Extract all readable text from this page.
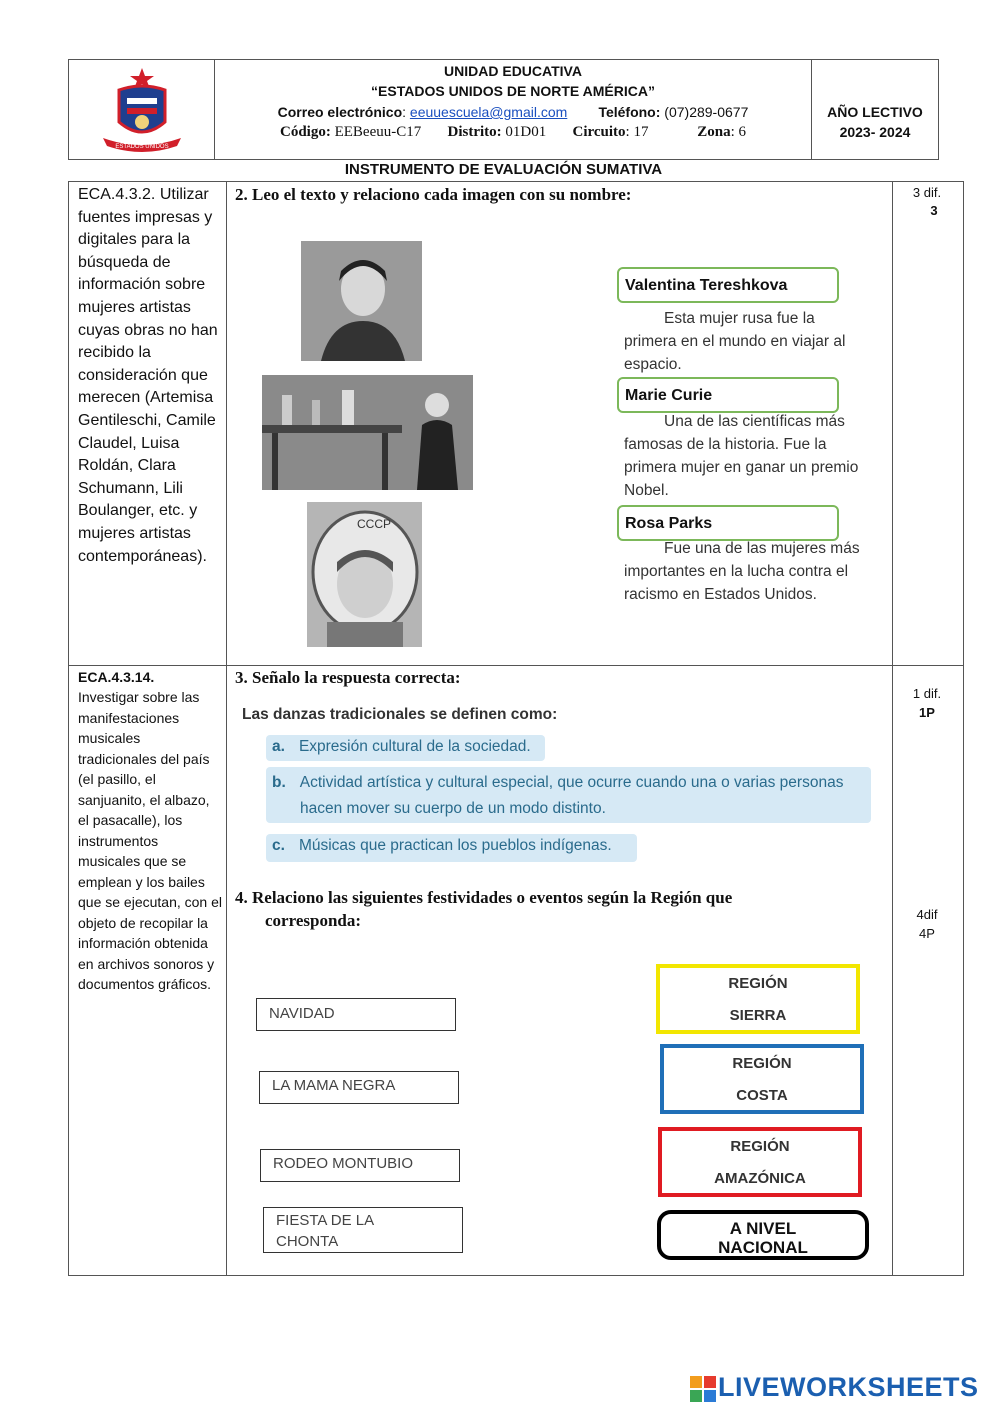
ESTADOS UNIDOS
UNIDAD EDUCATIVA
“ESTADOS UNIDOS DE NORTE AMÉRICA”
Correo electrónico: eeuuescuela@gmail.com Teléfono: (07)289-0677
Código: EEBeeuu-C17 Distrito: 01D01 Circuito: 17	Zona: 6
AÑO LECTIVO
2023- 2024
INSTRUMENTO DE EVALUACIÓN SUMATIVA
ECA.4.3.2. Utilizar fuentes impresas y digitales para la búsqueda de información sobre mujeres artistas cuyas obras no han recibido la consideración que merecen (Artemisa Gentileschi, Camile Claudel, Luisa Roldán, Clara Schumann, Lili Boulanger, etc. y mujeres artistas contemporáneas).
2. Leo el texto y relaciono cada imagen con su nombre:	3 dif.
3
CCCP
Valentina Tereshkova
Esta mujer rusa fue la primera en el mundo en viajar al espacio.
Marie Curie
Una de las científicas más famosas de la historia. Fue la primera mujer en ganar un premio Nobel.
Rosa Parks
Fue una de las mujeres más importantes en la lucha contra el racismo en Estados Unidos.
ECA.4.3.14.
Investigar sobre las manifestaciones musicales tradicionales del país (el pasillo, el sanjuanito, el albazo, el pasacalle), los instrumentos musicales que se emplean y los bailes que se ejecutan, con el objeto de recopilar la información obtenida en archivos sonoros y documentos gráficos.
3. Señalo la respuesta correcta:
Las danzas tradicionales se definen como:
a. Expresión cultural de la sociedad.
b. Actividad artística y cultural especial, que ocurre cuando una o varias personas
hacen mover su cuerpo de un modo distinto.
c. Músicas que practican los pueblos indígenas.
1 dif.
1P
4. Relaciono las siguientes festividades o eventos según la Región que
corresponda:	4dif
4P
NAVIDAD
LA MAMA NEGRA
RODEO MONTUBIO
FIESTA DE LA
CHONTA
REGIÓN
SIERRA
REGIÓN
COSTA
REGIÓN
AMAZÓNICA
A NIVEL
NACIONAL
LIVEWORKSHEETS
